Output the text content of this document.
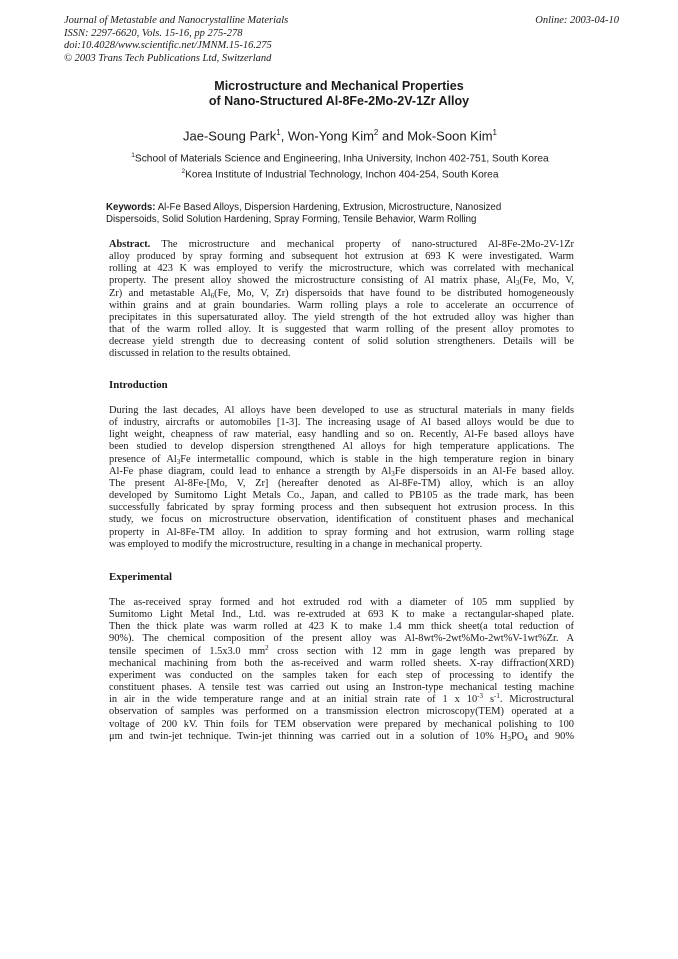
Journal of Metastable and Nanocrystalline Materials
ISSN: 2297-6620, Vols. 15-16, pp 275-278
doi:10.4028/www.scientific.net/JMNM.15-16.275
© 2003 Trans Tech Publications Ltd, Switzerland
Online: 2003-04-10
Microstructure and Mechanical Properties
of Nano-Structured Al-8Fe-2Mo-2V-1Zr Alloy
Jae-Soung Park$^1$, Won-Yong Kim$^2$ and Mok-Soon Kim$^1$
$^1$School of Materials Science and Engineering, Inha University, Inchon 402-751, South Korea
$^2$Korea Institute of Industrial Technology, Inchon 404-254, South Korea
Keywords: Al-Fe Based Alloys, Dispersion Hardening, Extrusion, Microstructure, Nanosized
Dispersoids, Solid Solution Hardening, Spray Forming, Tensile Behavior, Warm Rolling
Abstract. The microstructure and mechanical property of nano-structured Al-8Fe-2Mo-2V-1Zr
alloy produced by spray forming and subsequent hot extrusion at 693 K were investigated. Warm
rolling at 423 K was employed to verify the microstructure, which was correlated with mechanical
property. The present alloy showed the microstructure consisting of Al matrix phase, $Al_3(Fe$, Mo, V,
Zr) and metastable $Al_6(Fe$, Mo, V, Zr) dispersoids that have found to be distributed homogeneously
within grains and at grain boundaries. Warm rolling plays a role to accelerate an occurrence of
precipitates in this supersaturated alloy. The yield strength of the hot extruded alloy was higher than
that of the warm rolled alloy. It is suggested that warm rolling of the present alloy promotes to
decrease yield strength due to decreasing content of solid solution strengtheners. Details will be
discussed in relation to the results obtained.
Introduction
During the last decades, Al alloys have been developed to use as structural materials in many fields
of industry, aircrafts or automobiles [1-3]. The increasing usage of Al based alloys would be due to
light weight, cheapness of raw material, easy handling and so on. Recently, Al-Fe based alloys have
been studied to develop dispersion strengthened Al alloys for high temperature applications. The
presence of $Al_3Fe$ intermetallic compound, which is stable in the high temperature region in binary
Al-Fe phase diagram, could lead to enhance a strength by $Al_3Fe$ dispersoids in an Al-Fe based alloy.
The present Al-8Fe-[Mo, V, Zr] (hereafter denoted as Al-8Fe-TM) alloy, which is an alloy
developed by Sumitomo Light Metals Co., Japan, and called to PB105 as the trade mark, has been
successfully fabricated by spray forming process and then subsequent hot extrusion process. In this
study, we focus on microstructure observation, identification of constituent phases and mechanical
property in Al-8Fe-TM alloy. In addition to spray forming and hot extrusion, warm rolling stage
was employed to modify the microstructure, resulting in a change in mechanical property.
Experimental
The as-received spray formed and hot extruded rod with a diameter of 105 mm supplied by
Sumitomo Light Metal Ind., Ltd. was re-extruded at 693 K to make a rectangular-shaped plate.
Then the thick plate was warm rolled at 423 K to make 1.4 mm thick sheet(a total reduction of
90%). The chemical composition of the present alloy was Al-8wt%-2wt%Mo-2wt%V-1wt%Zr. A
tensile specimen of 1.5x3.0 $mm^2$ cross section with 12 mm in gage length was prepared by
mechanical machining from both the as-received and warm rolled sheets. X-ray diffraction(XRD)
experiment was conducted on the samples taken for each step of processing to identify the
constituent phases. A tensile test was carried out using an Instron-type mechanical testing machine
in air in the wide temperature range and at an initial strain rate of 1 x $10^{-3}$ $s^{-1}$. Microstructural
observation of samples was performed on a transmission electron microscopy(TEM) operated at a
voltage of 200 kV. Thin foils for TEM observation were prepared by mechanical polishing to 100
μm and twin-jet technique. Twin-jet thinning was carried out in a solution of 10% $H_3PO_4$ and 90%
